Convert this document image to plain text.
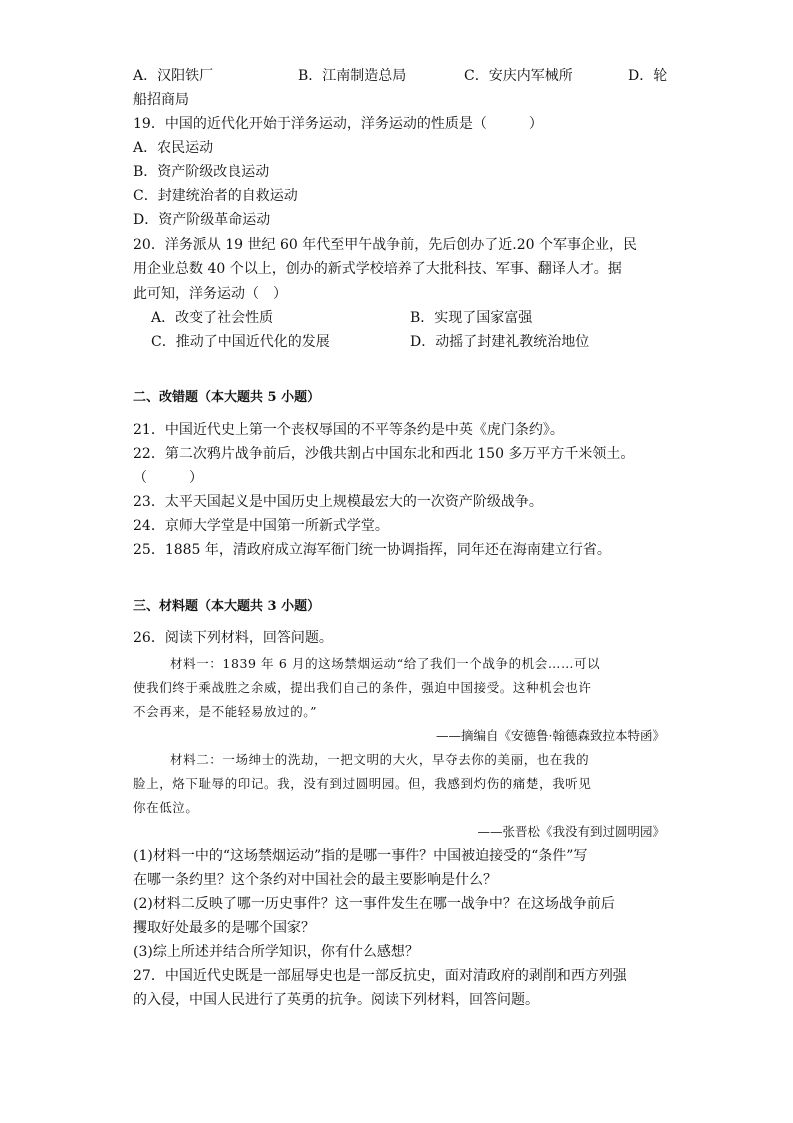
A．汉阳铁厂	B．江南制造总局	C．安庆内军械所	D．轮
船招商局
19．中国的近代化开始于洋务运动，洋务运动的性质是（　　　）
A．农民运动
B．资产阶级改良运动
C．封建统治者的自救运动
D．资产阶级革命运动
20．洋务派从 19 世纪 60 年代至甲午战争前，先后创办了近.20 个军事企业，民
用企业总数 40 个以上，创办的新式学校培养了大批科技、军事、翻译人才。据
此可知，洋务运动（　）
A．改变了社会性质	B．实现了国家富强
C．推动了中国近代化的发展	D．动摇了封建礼教统治地位
二、改错题（本大题共 5 小题）
21．中国近代史上第一个丧权辱国的不平等条约是中英《虎门条约》。
22．第二次鸦片战争前后，沙俄共割占中国东北和西北 150 多万平方千米领土。
（　　　）
23．太平天国起义是中国历史上规模最宏大的一次资产阶级战争。
24．京师大学堂是中国第一所新式学堂。
25．1885 年，清政府成立海军衙门统一协调指挥，同年还在海南建立行省。
三、材料题（本大题共 3 小题）
26．阅读下列材料，回答问题。
材料一：1839 年 6 月的这场禁烟运动“给了我们一个战争的机会……可以
使我们终于乘战胜之余威，提出我们自己的条件，强迫中国接受。这种机会也许
不会再来，是不能轻易放过的。”
——摘编自《安德鲁·翰德森致拉本特函》
材料二：一场绅士的洗劫，一把文明的大火，早夺去你的美丽，也在我的
脸上，烙下耻辱的印记。我，没有到过圆明园。但，我感到灼伤的痛楚，我听见
你在低泣。
——张晋松《我没有到过圆明园》
(1)材料一中的“这场禁烟运动”指的是哪一事件？中国被迫接受的“条件”写
在哪一条约里？这个条约对中国社会的最主要影响是什么？
(2)材料二反映了哪一历史事件？这一事件发生在哪一战争中？在这场战争前后
攫取好处最多的是哪个国家？
(3)综上所述并结合所学知识，你有什么感想？
27．中国近代史既是一部屈辱史也是一部反抗史，面对清政府的剥削和西方列强
的入侵，中国人民进行了英勇的抗争。阅读下列材料，回答问题。
